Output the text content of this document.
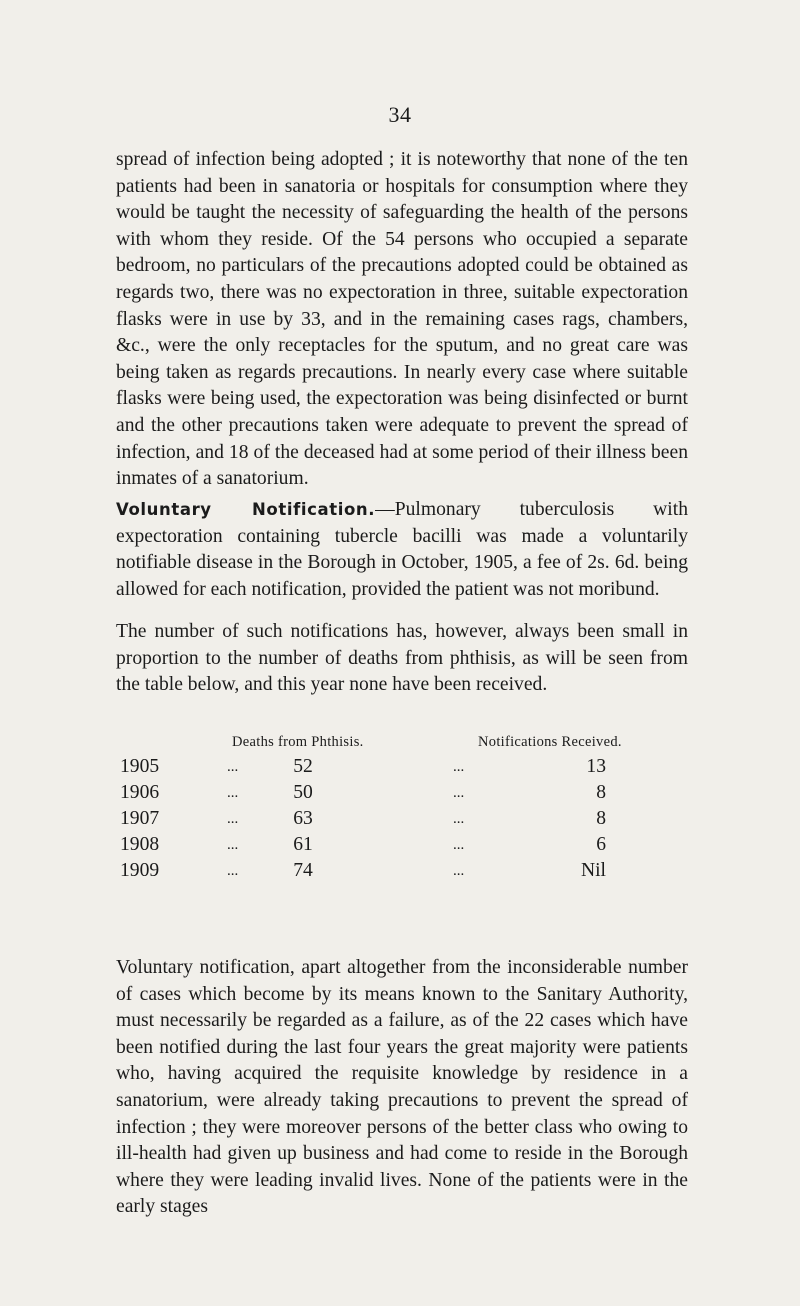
34

spread of infection being adopted ; it is noteworthy that none of the ten patients had been in sanatoria or hospitals for consumption where they would be taught the necessity of safeguarding the health of the persons with whom they reside. Of the 54 persons who occupied a separate bedroom, no particulars of the precautions adopted could be obtained as regards two, there was no expectoration in three, suitable expectoration flasks were in use by 33, and in the remaining cases rags, chambers, &c., were the only receptacles for the sputum, and no great care was being taken as regards precautions. In nearly every case where suitable flasks were being used, the expectoration was being disinfected or burnt and the other precautions taken were adequate to prevent the spread of infection, and 18 of the deceased had at some period of their illness been inmates of a sanatorium.

Voluntary Notification.—Pulmonary tuberculosis with expectoration containing tubercle bacilli was made a voluntarily notifiable disease in the Borough in October, 1905, a fee of 2s. 6d. being allowed for each notification, provided the patient was not moribund.

The number of such notifications has, however, always been small in proportion to the number of deaths from phthisis, as will be seen from the table below, and this year none have been received.

Deaths from Phthisis.	Notifications Received.
1905	...	52	...	13
1906	...	50	...	8
1907	...	63	...	8
1908	...	61	...	6
1909	...	74	...	Nil

Voluntary notification, apart altogether from the inconsiderable number of cases which become by its means known to the Sanitary Authority, must necessarily be regarded as a failure, as of the 22 cases which have been notified during the last four years the great majority were patients who, having acquired the requisite knowledge by residence in a sanatorium, were already taking precautions to prevent the spread of infection ; they were moreover persons of the better class who owing to ill-health had given up business and had come to reside in the Borough where they were leading invalid lives. None of the patients were in the early stages
